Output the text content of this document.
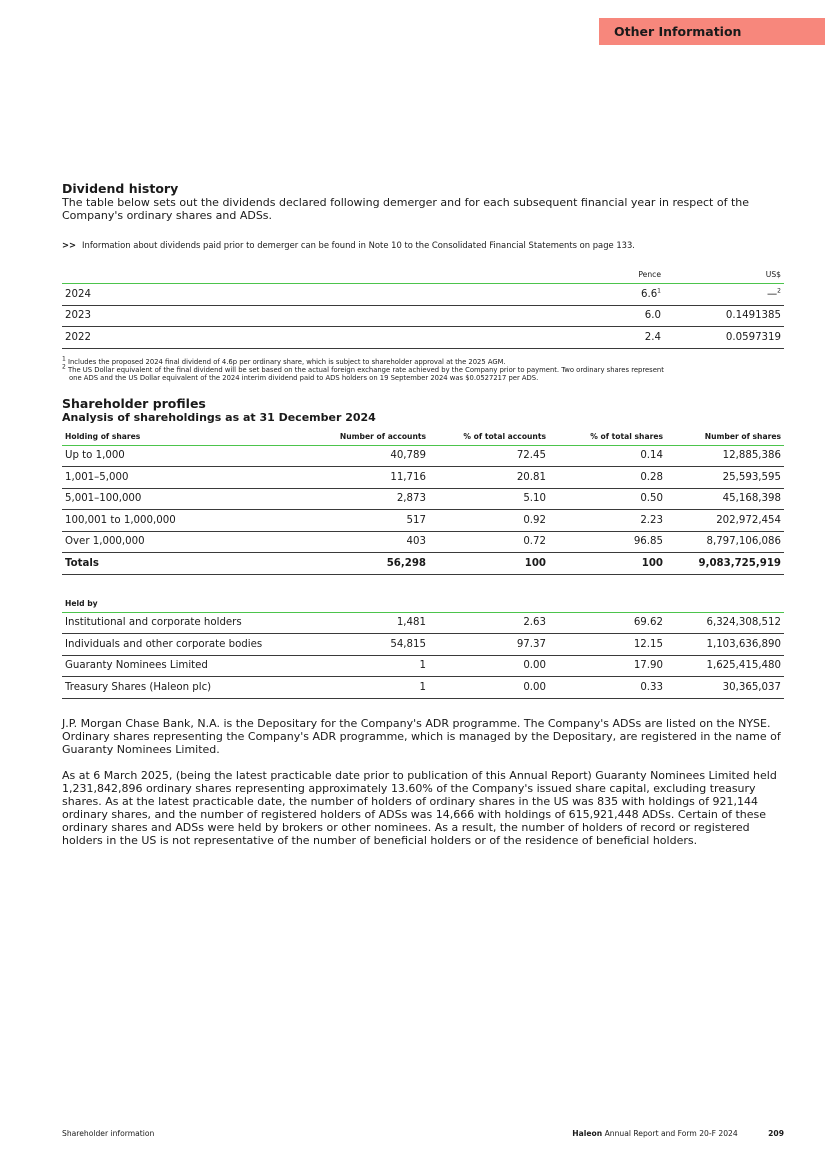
Other Information
Dividend history
The table below sets out the dividends declared following demerger and for each subsequent financial year in respect of the Company's ordinary shares and ADSs.
>> Information about dividends paid prior to demerger can be found in Note 10 to the Consolidated Financial Statements on page 133.
	Pence	US$
2024	$6.6^1$	—$^2$
2023	6.0	0.1491385
2022	2.4	0.0597319
$^1$ Includes the proposed 2024 final dividend of 4.6p per ordinary share, which is subject to shareholder approval at the 2025 AGM.
$^2$ The US Dollar equivalent of the final dividend will be set based on the actual foreign exchange rate achieved by the Company prior to payment. Two ordinary shares represent
one ADS and the US Dollar equivalent of the 2024 interim dividend paid to ADS holders on 19 September 2024 was $0.0527217 per ADS.
Shareholder profiles
Analysis of shareholdings as at 31 December 2024
Holding of shares	Number of accounts	% of total accounts	% of total shares	Number of shares
Up to 1,000	40,789	72.45	0.14	12,885,386
1,001–5,000	11,716	20.81	0.28	25,593,595
5,001–100,000	2,873	5.10	0.50	45,168,398
100,001 to 1,000,000	517	0.92	2.23	202,972,454
Over 1,000,000	403	0.72	96.85	8,797,106,086
Totals	56,298	100	100	9,083,725,919
Held by				
Institutional and corporate holders	1,481	2.63	69.62	6,324,308,512
Individuals and other corporate bodies	54,815	97.37	12.15	1,103,636,890
Guaranty Nominees Limited	1	0.00	17.90	1,625,415,480
Treasury Shares (Haleon plc)	1	0.00	0.33	30,365,037
J.P. Morgan Chase Bank, N.A. is the Depositary for the Company's ADR programme. The Company's ADSs are listed on the NYSE. Ordinary shares representing the Company's ADR programme, which is managed by the Depositary, are registered in the name of Guaranty Nominees Limited.
As at 6 March 2025, (being the latest practicable date prior to publication of this Annual Report) Guaranty Nominees Limited held 1,231,842,896 ordinary shares representing approximately 13.60% of the Company's issued share capital, excluding treasury shares. As at the latest practicable date, the number of holders of ordinary shares in the US was 835 with holdings of 921,144 ordinary shares, and the number of registered holders of ADSs was 14,666 with holdings of 615,921,448 ADSs. Certain of these ordinary shares and ADSs were held by brokers or other nominees. As a result, the number of holders of record or registered holders in the US is not representative of the number of beneficial holders or of the residence of beneficial holders.
Shareholder information	Haleon Annual Report and Form 20-F 2024	209
